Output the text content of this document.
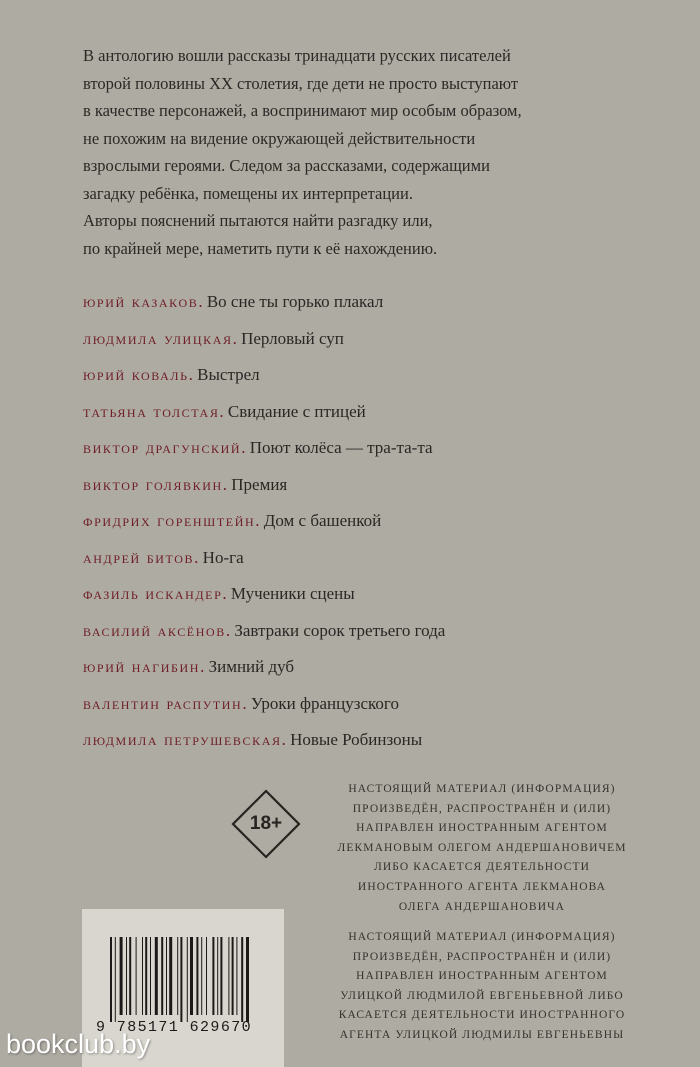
В антологию вошли рассказы тринадцати русских писателей
второй половины XX столетия, где дети не просто выступают
в качестве персонажей, а воспринимают мир особым образом,
не похожим на видение окружающей действительности
взрослыми героями. Следом за рассказами, содержащими
загадку ребёнка, помещены их интерпретации.
Авторы пояснений пытаются найти разгадку или,
по крайней мере, наметить пути к её нахождению.
юрий казаков. Во сне ты горько плакал
людмила улицкая. Перловый суп
юрий коваль. Выстрел
татьяна толстая. Свидание с птицей
виктор драгунский. Поют колёса — тра-та-та
виктор голявкин. Премия
фридрих горенштейн. Дом с башенкой
андрей битов. Но-га
фазиль искандер. Мученики сцены
василий аксёнов. Завтраки сорок третьего года
юрий нагибин. Зимний дуб
валентин распутин. Уроки французского
людмила петрушевская. Новые Робинзоны
18+
НАСТОЯЩИЙ МАТЕРИАЛ (ИНФОРМАЦИЯ)
ПРОИЗВЕДЁН, РАСПРОСТРАНЁН И (ИЛИ)
НАПРАВЛЕН ИНОСТРАННЫМ АГЕНТОМ
ЛЕКМАНОВЫМ ОЛЕГОМ АНДЕРШАНОВИЧЕМ
ЛИБО КАСАЕТСЯ ДЕЯТЕЛЬНОСТИ
ИНОСТРАННОГО АГЕНТА ЛЕКМАНОВА
ОЛЕГА АНДЕРШАНОВИЧА
НАСТОЯЩИЙ МАТЕРИАЛ (ИНФОРМАЦИЯ)
ПРОИЗВЕДЁН, РАСПРОСТРАНЁН И (ИЛИ)
НАПРАВЛЕН ИНОСТРАННЫМ АГЕНТОМ
УЛИЦКОЙ ЛЮДМИЛОЙ ЕВГЕНЬЕВНОЙ ЛИБО
КАСАЕТСЯ ДЕЯТЕЛЬНОСТИ ИНОСТРАННОГО
АГЕНТА УЛИЦКОЙ ЛЮДМИЛЫ ЕВГЕНЬЕВНЫ
9 785171 629670
bookclub.by
